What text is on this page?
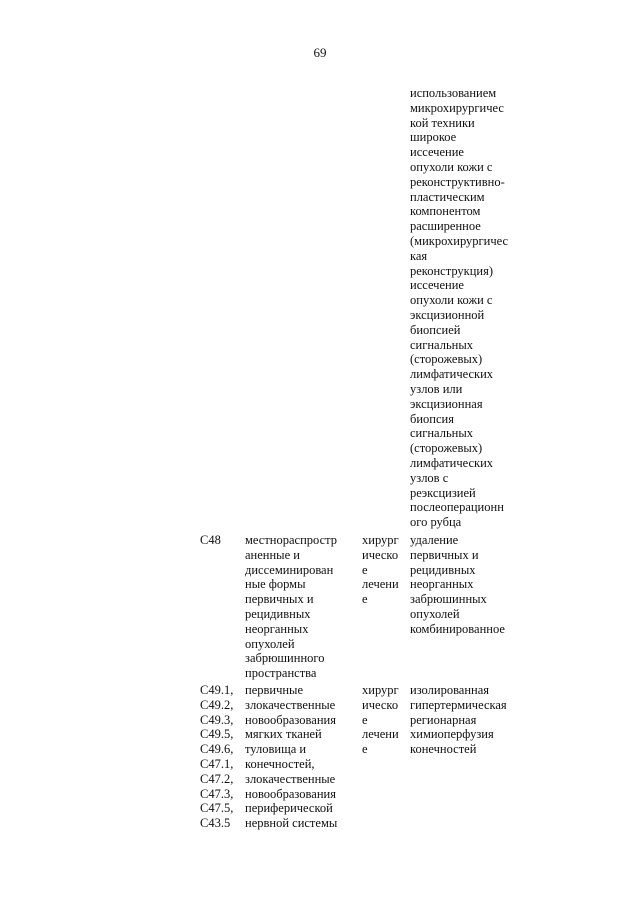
69
использованием
микрохирургичес
кой техники
широкое
иссечение
опухоли кожи с
реконструктивно-
пластическим
компонентом
расширенное
(микрохирургичес
кая
реконструкция)
иссечение
опухоли кожи с
эксцизионной
биопсией
сигнальных
(сторожевых)
лимфатических
узлов или
эксцизионная
биопсия
сигнальных
(сторожевых)
лимфатических
узлов с
реэксцизией
послеоперационн
ого рубца
C48 местнораспростр
аненные и
диссеминирован
ные формы
первичных и
рецидивных
неорганных
опухолей
забрюшинного
пространства
хирург
ическо
е
лечени
е
удаление
первичных и
рецидивных
неорганных
забрюшинных
опухолей
комбинированное
C49.1,
C49.2,
C49.3,
C49.5,
C49.6,
C47.1,
C47.2,
C47.3,
C47.5,
C43.5
первичные
злокачественные
новообразования
мягких тканей
туловища и
конечностей,
злокачественные
новообразования
периферической
нервной системы
хирург
ическо
е
лечени
е
изолированная
гипертермическая
регионарная
химиоперфузия
конечностей
